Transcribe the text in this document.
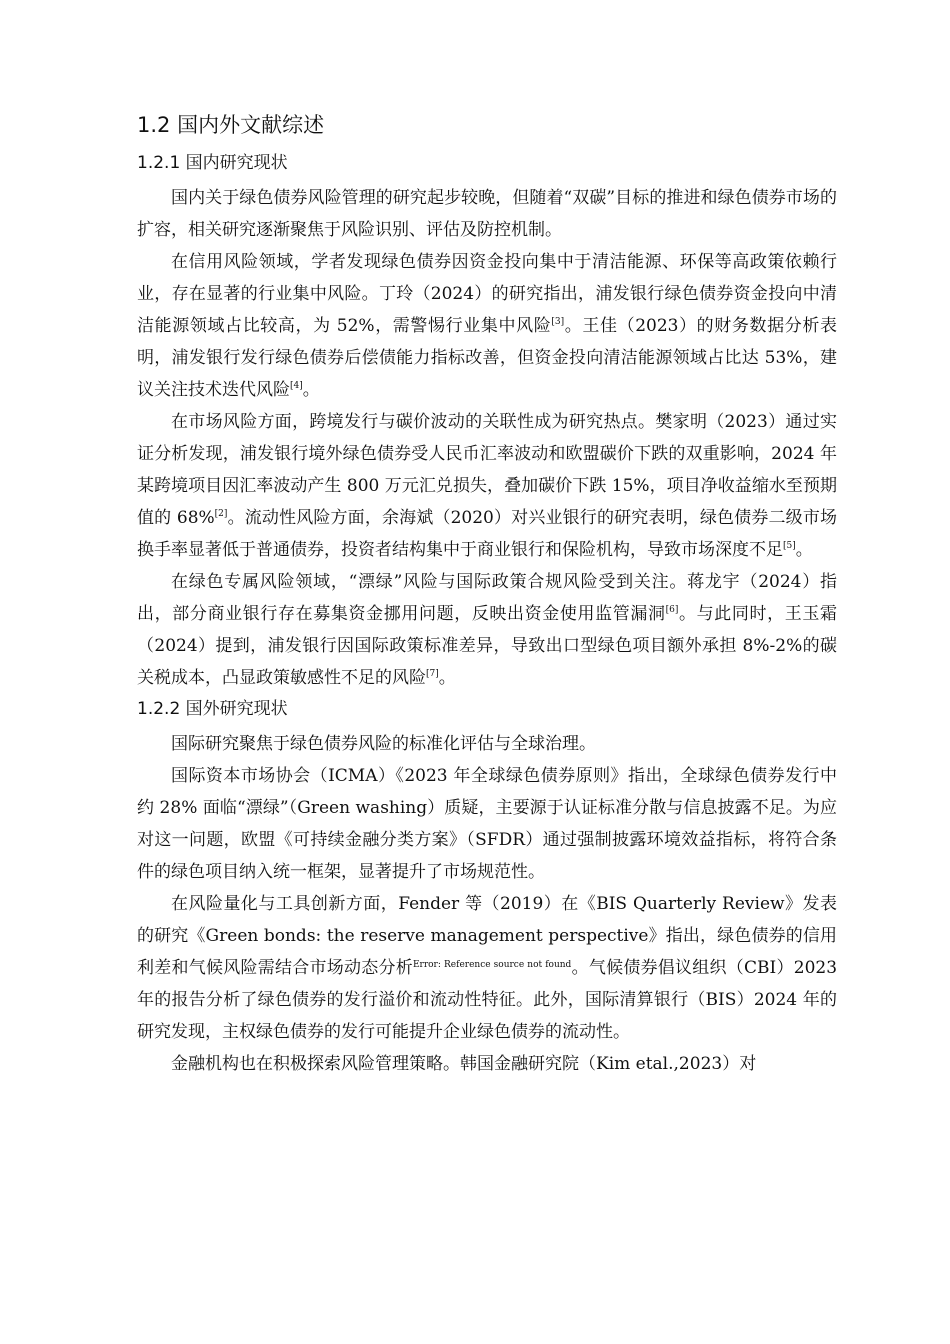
1.2 国内外文献综述
1.2.1 国内研究现状

国内关于绿色债券风险管理的研究起步较晚，但随着“双碳”目标的推进和绿色债券市场的扩容，相关研究逐渐聚焦于风险识别、评估及防控机制。

在信用风险领域，学者发现绿色债券因资金投向集中于清洁能源、环保等高政策依赖行业，存在显著的行业集中风险。丁玲（2024）的研究指出，浦发银行绿色债券资金投向中清洁能源领域占比较高，为 52%，需警惕行业集中风险[3]。王佳（2023）的财务数据分析表明，浦发银行发行绿色债券后偿债能力指标改善，但资金投向清洁能源领域占比达 53%，建议关注技术迭代风险[4]。

在市场风险方面，跨境发行与碳价波动的关联性成为研究热点。樊家明（2023）通过实证分析发现，浦发银行境外绿色债券受人民币汇率波动和欧盟碳价下跌的双重影响，2024 年某跨境项目因汇率波动产生 800 万元汇兑损失，叠加碳价下跌 15%，项目净收益缩水至预期值的 68%[2]。流动性风险方面，余海斌（2020）对兴业银行的研究表明，绿色债券二级市场换手率显著低于普通债券，投资者结构集中于商业银行和保险机构，导致市场深度不足[5]。

在绿色专属风险领域，“漂绿”风险与国际政策合规风险受到关注。蒋龙宇（2024）指出，部分商业银行存在募集资金挪用问题，反映出资金使用监管漏洞[6]。与此同时，王玉霜（2024）提到，浦发银行因国际政策标准差异，导致出口型绿色项目额外承担 8%-2%的碳关税成本，凸显政策敏感性不足的风险[7]。

1.2.2 国外研究现状

国际研究聚焦于绿色债券风险的标准化评估与全球治理。

国际资本市场协会（ICMA）《2023 年全球绿色债券原则》指出，全球绿色债券发行中约 28% 面临“漂绿”（Green washing）质疑，主要源于认证标准分散与信息披露不足。为应对这一问题，欧盟《可持续金融分类方案》（SFDR）通过强制披露环境效益指标，将符合条件的绿色项目纳入统一框架，显著提升了市场规范性。

在风险量化与工具创新方面，Fender 等（2019）在《BIS Quarterly Review》发表的研究《Green bonds: the reserve management perspective》指出，绿色债券的信用利差和气候风险需结合市场动态分析$^{Error: Reference source not found}$。气候债券倡议组织（CBI）2023 年的报告分析了绿色债券的发行溢价和流动性特征。此外，国际清算银行（BIS）2024 年的研究发现，主权绿色债券的发行可能提升企业绿色债券的流动性。

金融机构也在积极探索风险管理策略。韩国金融研究院（Kim etal.,2023）对
